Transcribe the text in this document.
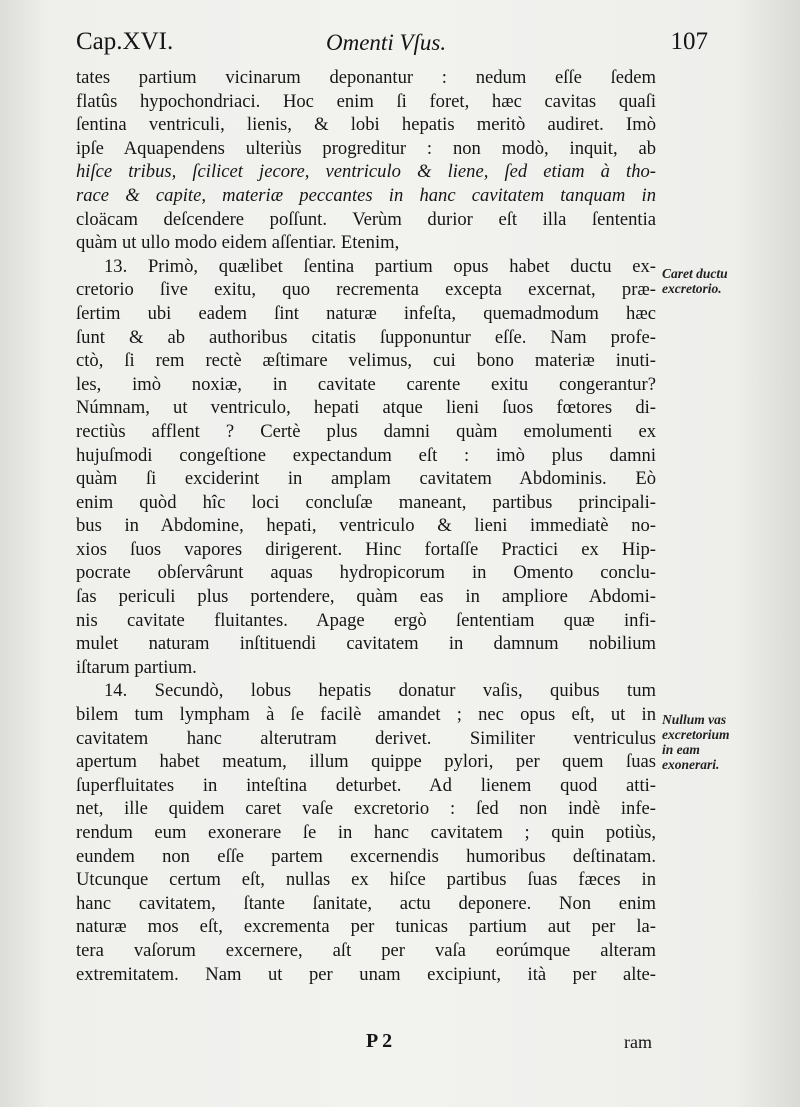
Cap.XVI.	Omenti Vſus.	107
tates partium vicinarum deponantur : nedum eſſe ſedem
flatûs hypochondriaci. Hoc enim ſi foret, hæc cavitas quaſi
ſentina ventriculi, lienis, & lobi hepatis meritò audiret. Imò
ipſe Aquapendens ulteriùs progreditur : non modò, inquit, ab
hiſce tribus, ſcilicet jecore, ventriculo & liene, ſed etiam à tho-
race & capite, materiæ peccantes in hanc cavitatem tanquam in
cloäcam deſcendere poſſunt. Verùm durior eſt illa ſententia
quàm ut ullo modo eidem aſſentiar. Etenim,
13. Primò, quælibet ſentina partium opus habet ductu ex-
cretorio ſive exitu, quo recrementa excepta excernat, præ-
ſertim ubi eadem ſint naturæ infeſta, quemadmodum hæc
ſunt & ab authoribus citatis ſupponuntur eſſe. Nam profe-
ctò, ſi rem rectè æſtimare velimus, cui bono materiæ inuti-
les, imò noxiæ, in cavitate carente exitu congerantur?
Númnam, ut ventriculo, hepati atque lieni ſuos fœtores di-
rectiùs afflent ? Certè plus damni quàm emolumenti ex
hujuſmodi congeſtione expectandum eſt : imò plus damni
quàm ſi exciderint in amplam cavitatem Abdominis. Eò
enim quòd hîc loci concluſæ maneant, partibus principali-
bus in Abdomine, hepati, ventriculo & lieni immediatè no-
xios ſuos vapores dirigerent. Hinc fortaſſe Practici ex Hip-
pocrate obſervârunt aquas hydropicorum in Omento conclu-
ſas periculi plus portendere, quàm eas in ampliore Abdomi-
nis cavitate fluitantes. Apage ergò ſententiam quæ infi-
mulet naturam inſtituendi cavitatem in damnum nobilium
iſtarum partium.
14. Secundò, lobus hepatis donatur vaſis, quibus tum
bilem tum lympham à ſe facilè amandet ; nec opus eſt, ut in
cavitatem hanc alterutram derivet. Similiter ventriculus
apertum habet meatum, illum quippe pylori, per quem ſuas
ſuperfluitates in inteſtina deturbet. Ad lienem quod atti-
net, ille quidem caret vaſe excretorio : ſed non indè infe-
rendum eum exonerare ſe in hanc cavitatem ; quin potiùs,
eundem non eſſe partem excernendis humoribus deſtinatam.
Utcunque certum eſt, nullas ex hiſce partibus ſuas fæces in
hanc cavitatem, ſtante ſanitate, actu deponere. Non enim
naturæ mos eſt, excrementa per tunicas partium aut per la-
tera vaſorum excernere, aſt per vaſa eorúmque alteram
extremitatem. Nam ut per unam excipiunt, ità per alte-
Caret ductu excretorio.
Nullum vas excretorium in eam exonerari.
P 2	ram
